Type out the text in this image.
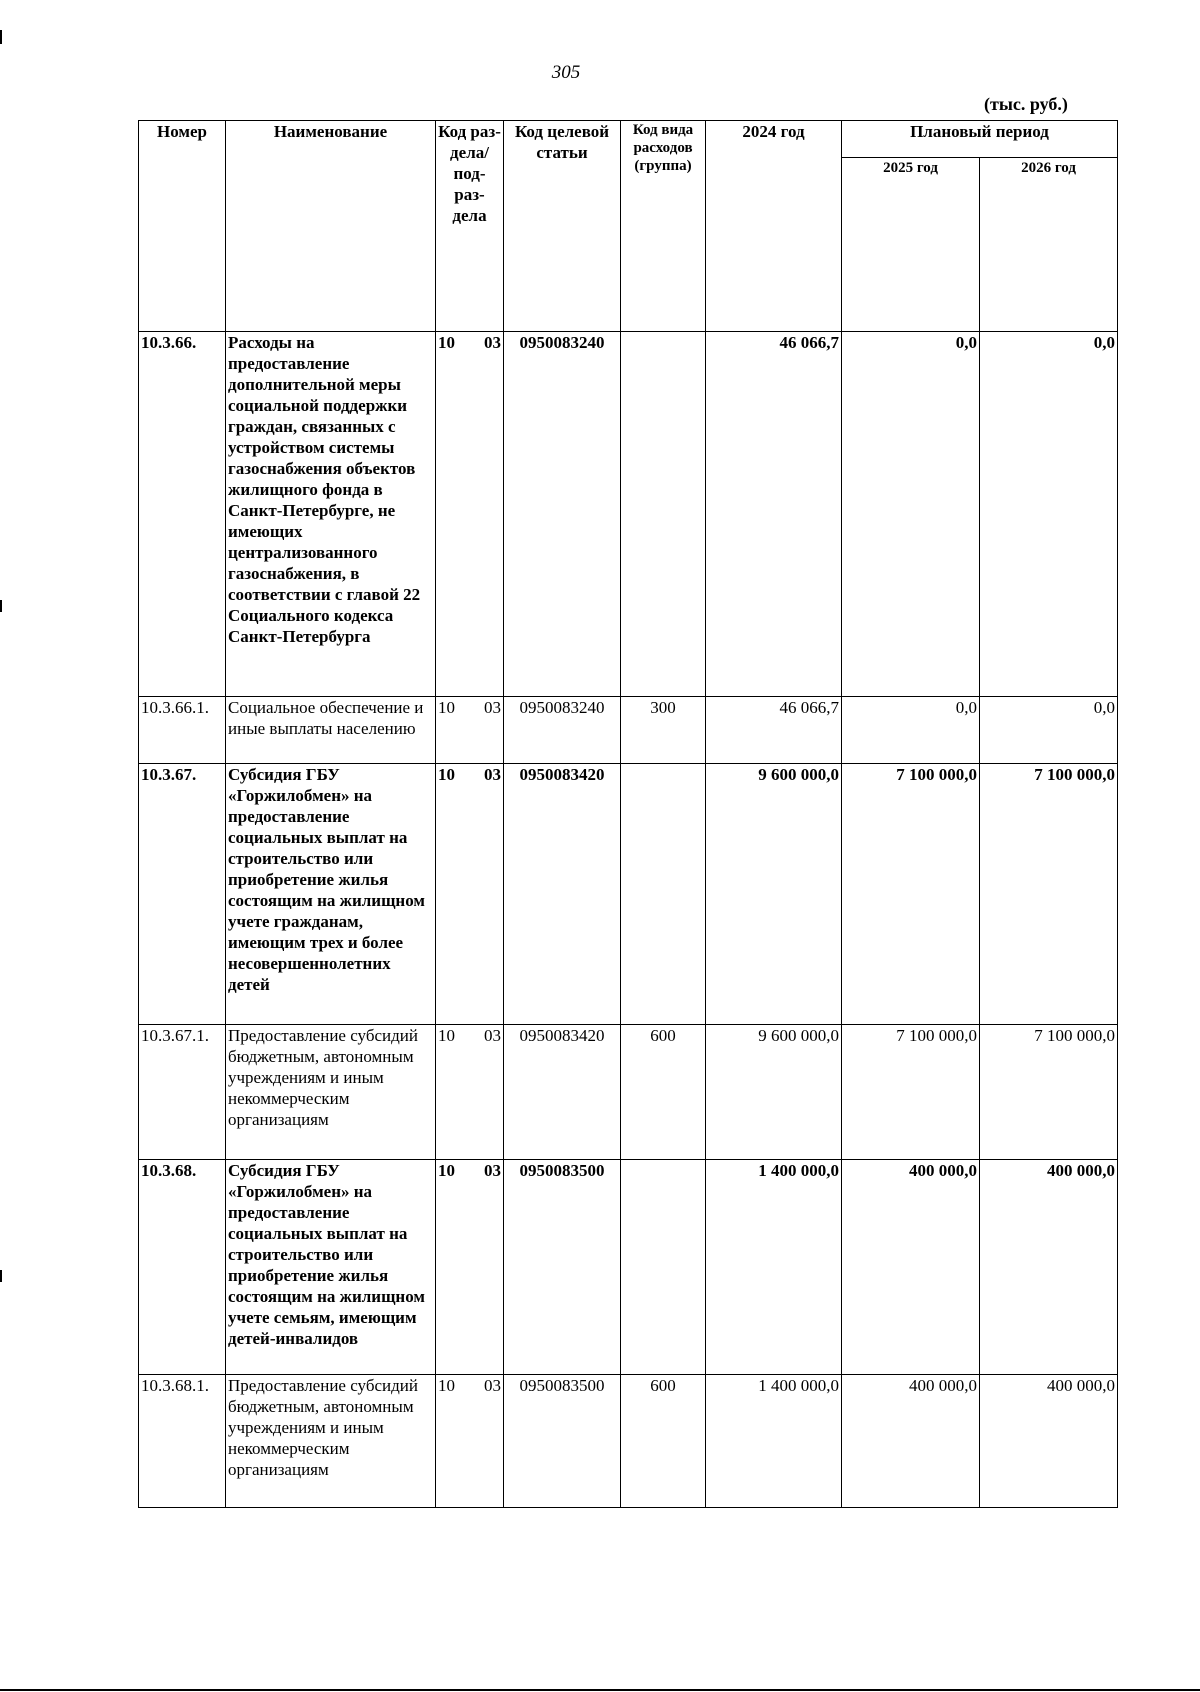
305
(тыс. руб.)
Номер	Наименование	Код раз- дела/ под- раз- дела	Код целевой статьи	Код вида расходов (группа)	2024 год	Плановый период	
						2025 год	2026 год
10.3.66.	Расходы на предоставление дополнительной меры социальной поддержки граждан, связанных с устройством системы газоснабжения объектов жилищного фонда в Санкт-Петербурге, не имеющих централизованного газоснабжения, в соответствии с главой 22 Социального кодекса Санкт-Петербурга	10 03	0950083240		46 066,7	0,0	0,0
10.3.66.1.	Социальное обеспечение и иные выплаты населению	10 03	0950083240	300	46 066,7	0,0	0,0
10.3.67.	Субсидия ГБУ «Горжилобмен» на предоставление социальных выплат на строительство или приобретение жилья состоящим на жилищном учете гражданам, имеющим трех и более несовершеннолетних детей	10 03	0950083420		9 600 000,0	7 100 000,0	7 100 000,0
10.3.67.1.	Предоставление субсидий бюджетным, автономным учреждениям и иным некоммерческим организациям	10 03	0950083420	600	9 600 000,0	7 100 000,0	7 100 000,0
10.3.68.	Субсидия ГБУ «Горжилобмен» на предоставление социальных выплат на строительство или приобретение жилья состоящим на жилищном учете семьям, имеющим детей-инвалидов	10 03	0950083500		1 400 000,0	400 000,0	400 000,0
10.3.68.1.	Предоставление субсидий бюджетным, автономным учреждениям и иным некоммерческим организациям	10 03	0950083500	600	1 400 000,0	400 000,0	400 000,0
